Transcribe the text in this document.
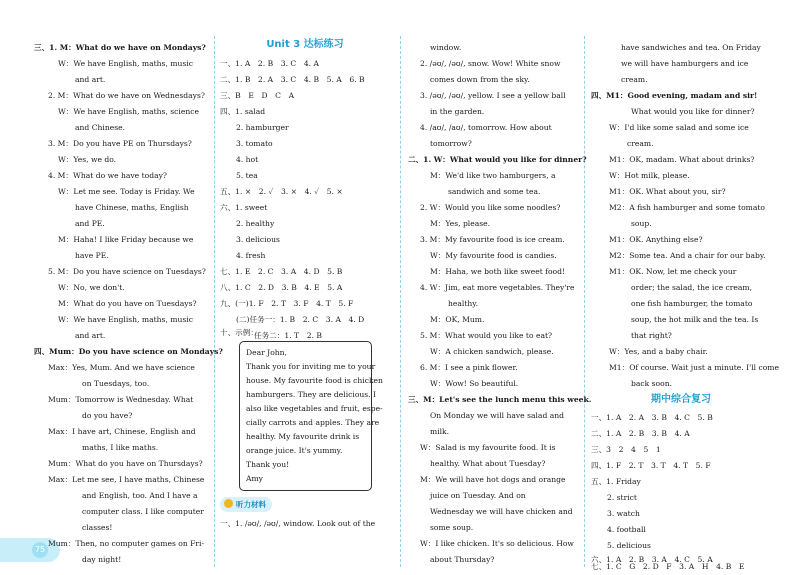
75
三、1. M：What do we have on Mondays?
W：We have English, maths, music
and art.
2. M：What do we have on Wednesdays?
W：We have English, maths, science
and Chinese.
3. M：Do you have PE on Thursdays?
W：Yes, we do.
4. M：What do we have today?
W：Let me see. Today is Friday. We
have Chinese, maths, English
and PE.
M：Haha! I like Friday because we
have PE.
5. M：Do you have science on Tuesdays?
W：No, we don't.
M：What do you have on Tuesdays?
W：We have English, maths, music
and art.
四、Mum：Do you have science on Mondays?
Max：Yes, Mum. And we have science
on Tuesdays, too.
Mum：Tomorrow is Wednesday. What
do you have?
Max：I have art, Chinese, English and
maths, I like maths.
Mum：What do you have on Thursdays?
Max：Let me see, I have maths, Chinese
and English, too. And I have a
computer class. I like computer
classes!
Mum：Then, no computer games on Fri-
day night!
Unit 3 达标练习
一、1. A　2. B　3. C　4. A
二、1. B　2. A　3. C　4. B　5. A　6. B
三、B　E　D　C　A
四、1. salad
2. hamburger
3. tomato
4. hot
5. tea
五、1. ×　2. ✓　3. ×　4. ✓　5. ×
六、1. sweet
2. healthy
3. delicious
4. fresh
七、1. E　2. C　3. A　4. D　5. B
八、1. C　2. D　3. B　4. E　5. A
九、(一)1. F　2. T　3. F　4. T　5. F
(二)任务一：1. B　2. C　3. A　4. D
任务二：1. T　2. B
Dear John,
Thank you for inviting me to your
house. My favourite food is chicken
hamburgers. They are delicious. I
also like vegetables and fruit, espe-
cially carrots and apples. They are
healthy. My favourite drink is
orange juice. It's yummy.
Thank you!
Amy
听力材料
一、1. /əʊ/, /əʊ/, window. Look out of the
十、示例：
window.
2. /əʊ/, /əʊ/, snow. Wow! White snow
comes down from the sky.
3. /əʊ/, /əʊ/, yellow. I see a yellow ball
in the garden.
4. /aʊ/, /aʊ/, tomorrow. How about
tomorrow?
二、1. W：What would you like for dinner?
M：We'd like two hamburgers, a
sandwich and some tea.
2. W：Would you like some noodles?
M：Yes, please.
3. M：My favourite food is ice cream.
W：My favourite food is candies.
M：Haha, we both like sweet food!
4. W：Jim, eat more vegetables. They're
healthy.
M：OK, Mum.
5. M：What would you like to eat?
W：A chicken sandwich, please.
6. M：I see a pink flower.
W：Wow! So beautiful.
三、M：Let's see the lunch menu this week.
On Monday we will have salad and
milk.
W：Salad is my favourite food. It is
healthy. What about Tuesday?
M：We will have hot dogs and orange
juice on Tuesday. And on
Wednesday we will have chicken and
some soup.
W：I like chicken. It's so delicious. How
about Thursday?
have sandwiches and tea. On Friday
we will have hamburgers and ice
cream.
四、M1：Good evening, madam and sir!
What would you like for dinner?
W：I'd like some salad and some ice
cream.
M1：OK, madam. What about drinks?
W：Hot milk, please.
M1：OK. What about you, sir?
M2：A fish hamburger and some tomato
soup.
M1：OK. Anything else?
M2：Some tea. And a chair for our baby.
M1：OK. Now, let me check your
order; the salad, the ice cream,
one fish hamburger, the tomato
soup, the hot milk and the tea. Is
that right?
W：Yes, and a baby chair.
M1：Of course. Wait just a minute. I'll come
back soon.
期中综合复习
一、1. A　2. A　3. B　4. C　5. B
二、1. A　2. B　3. B　4. A
三、3　2　4　5　1
四、1. F　2. T　3. T　4. T　5. F
五、1. Friday
2. strict
3. watch
4. football
5. delicious
六、1. A　2. B　3. A　4. C　5. A
七、1. C　G　2. D　F　3. A　H　4. B　E
